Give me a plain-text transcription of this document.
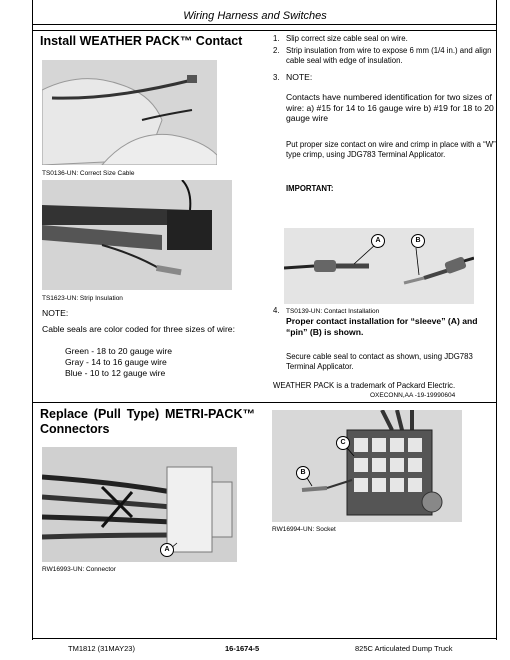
Wiring Harness and Switches
Install WEATHER PACK™ Contact
TS0136-UN: Correct Size Cable
TS1623-UN: Strip Insulation
NOTE:
Cable seals are color coded for three sizes of wire:
Green - 18 to 20 gauge wire
Gray - 14 to 16 gauge wire
Blue - 10 to 12 gauge wire
1. Slip correct size cable seal on wire.
2. Strip insulation from wire to expose 6 mm (1/4 in.) and align cable seal with edge of insulation.
3. NOTE:
Contacts have numbered identification for two sizes of wire: a) #15 for 14 to 16 gauge wire b) #19 for 18 to 20 gauge wire
Put proper size contact on wire and crimp in place with a “W” type crimp, using JDG783 Terminal Applicator.
IMPORTANT:
A	B
TS0139-UN: Contact Installation
4.
Proper contact installation for “sleeve” (A) and “pin” (B) is shown.
Secure cable seal to contact as shown, using JDG783 Terminal Applicator.
WEATHER PACK is a trademark of Packard Electric.
OXECONN,AA -19-19990604
Replace (Pull Type) METRI-PACK™ Connectors
A
RW16993-UN: Connector
B
C
RW16994-UN: Socket
TM1812 (31MAY23)	16-1674-5	825C Articulated Dump Truck
